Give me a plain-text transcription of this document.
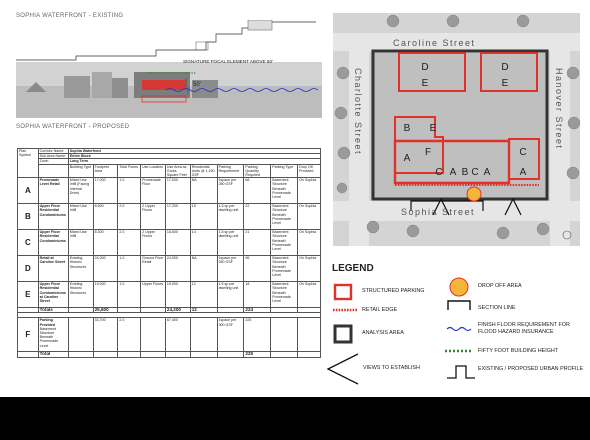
SOPHIA WATERFRONT - EXISTING
SIGNATURE FOCAL ELEMENT ABOVE 50'
50'
SOPHIA WATERFRONT - PROPOSED
Plan Symbol	Corridor Name:	Sophia Waterfront									
	Sub Area Name:	Entire Block									
	Zone:	Long Term									
		Building Type	Footprint Area	Total Floors	Use Location	Use Area as Gross Square Feet	Residential Units @ 1,150 GSF	Parking Requirement	Parking Quantity Required	Parking Type	Drop Off Provided
A	Promenade Level Retail	Mixed Use Infill (Facing Internal Drive)	17,000	1.0	Promenade Floor	17,000	NA	1space per 250 GSF	68	Basement Structure Beneath Promenade Level	On Sophia
B	Upper Floor Residential Condominiums	Mixed Use Infill	8,600	2.0	2 Upper Floors	17,200	15	1.5 sp per dwelling unit	22	Basement Structure Beneath Promenade Level	On Sophia
C	Upper Floor Residential Condominiums	Mixed Use Infill	8,300	2.0	2 Upper Floors	16,600	14	1.5 sp per dwelling unit	21	Basement Structure Beneath Promenade Level	On Sophia
D	Retail at Caroline Street	Existing Historic Structures	24,000	1.0	Ground Floor Retail	24,000	NA	1space per 250 GSF	96	Basement Structure Beneath Promenade Level	On Sophia
E	Upper Floor Residential Condominiums at Caroline Street	Existing Historic Structures	19,000	1.0	Upper Floors	19,000	12	1.5 sp per dwelling unit	18	Basement Structure Beneath Promenade Level	On Sophia
	Totals		25,600			24,200	12		224		

F	Parking Provided
Basement Structure Beneath Promenade Level		33,700	2.0		67,400		1space per 300 GSF	225		
	Total								225		
D
E
D
E
B
A
F
C A B C
C
A	A
E
Caroline Street
Sophia Street
Charlotte Street	Hanover Street
LEGEND
STRUCTURED PARKING
RETAIL EDGE
ANALYSIS AREA
VIEWS TO ESTABLISH
DROP OFF AREA
SECTION LINE
FINISH FLOOR REQUIREMENT FOR FLOOD HAZARD INSURANCE
FIFTY FOOT BUILDING HEIGHT
EXISTING / PROPOSED URBAN PROFILE
